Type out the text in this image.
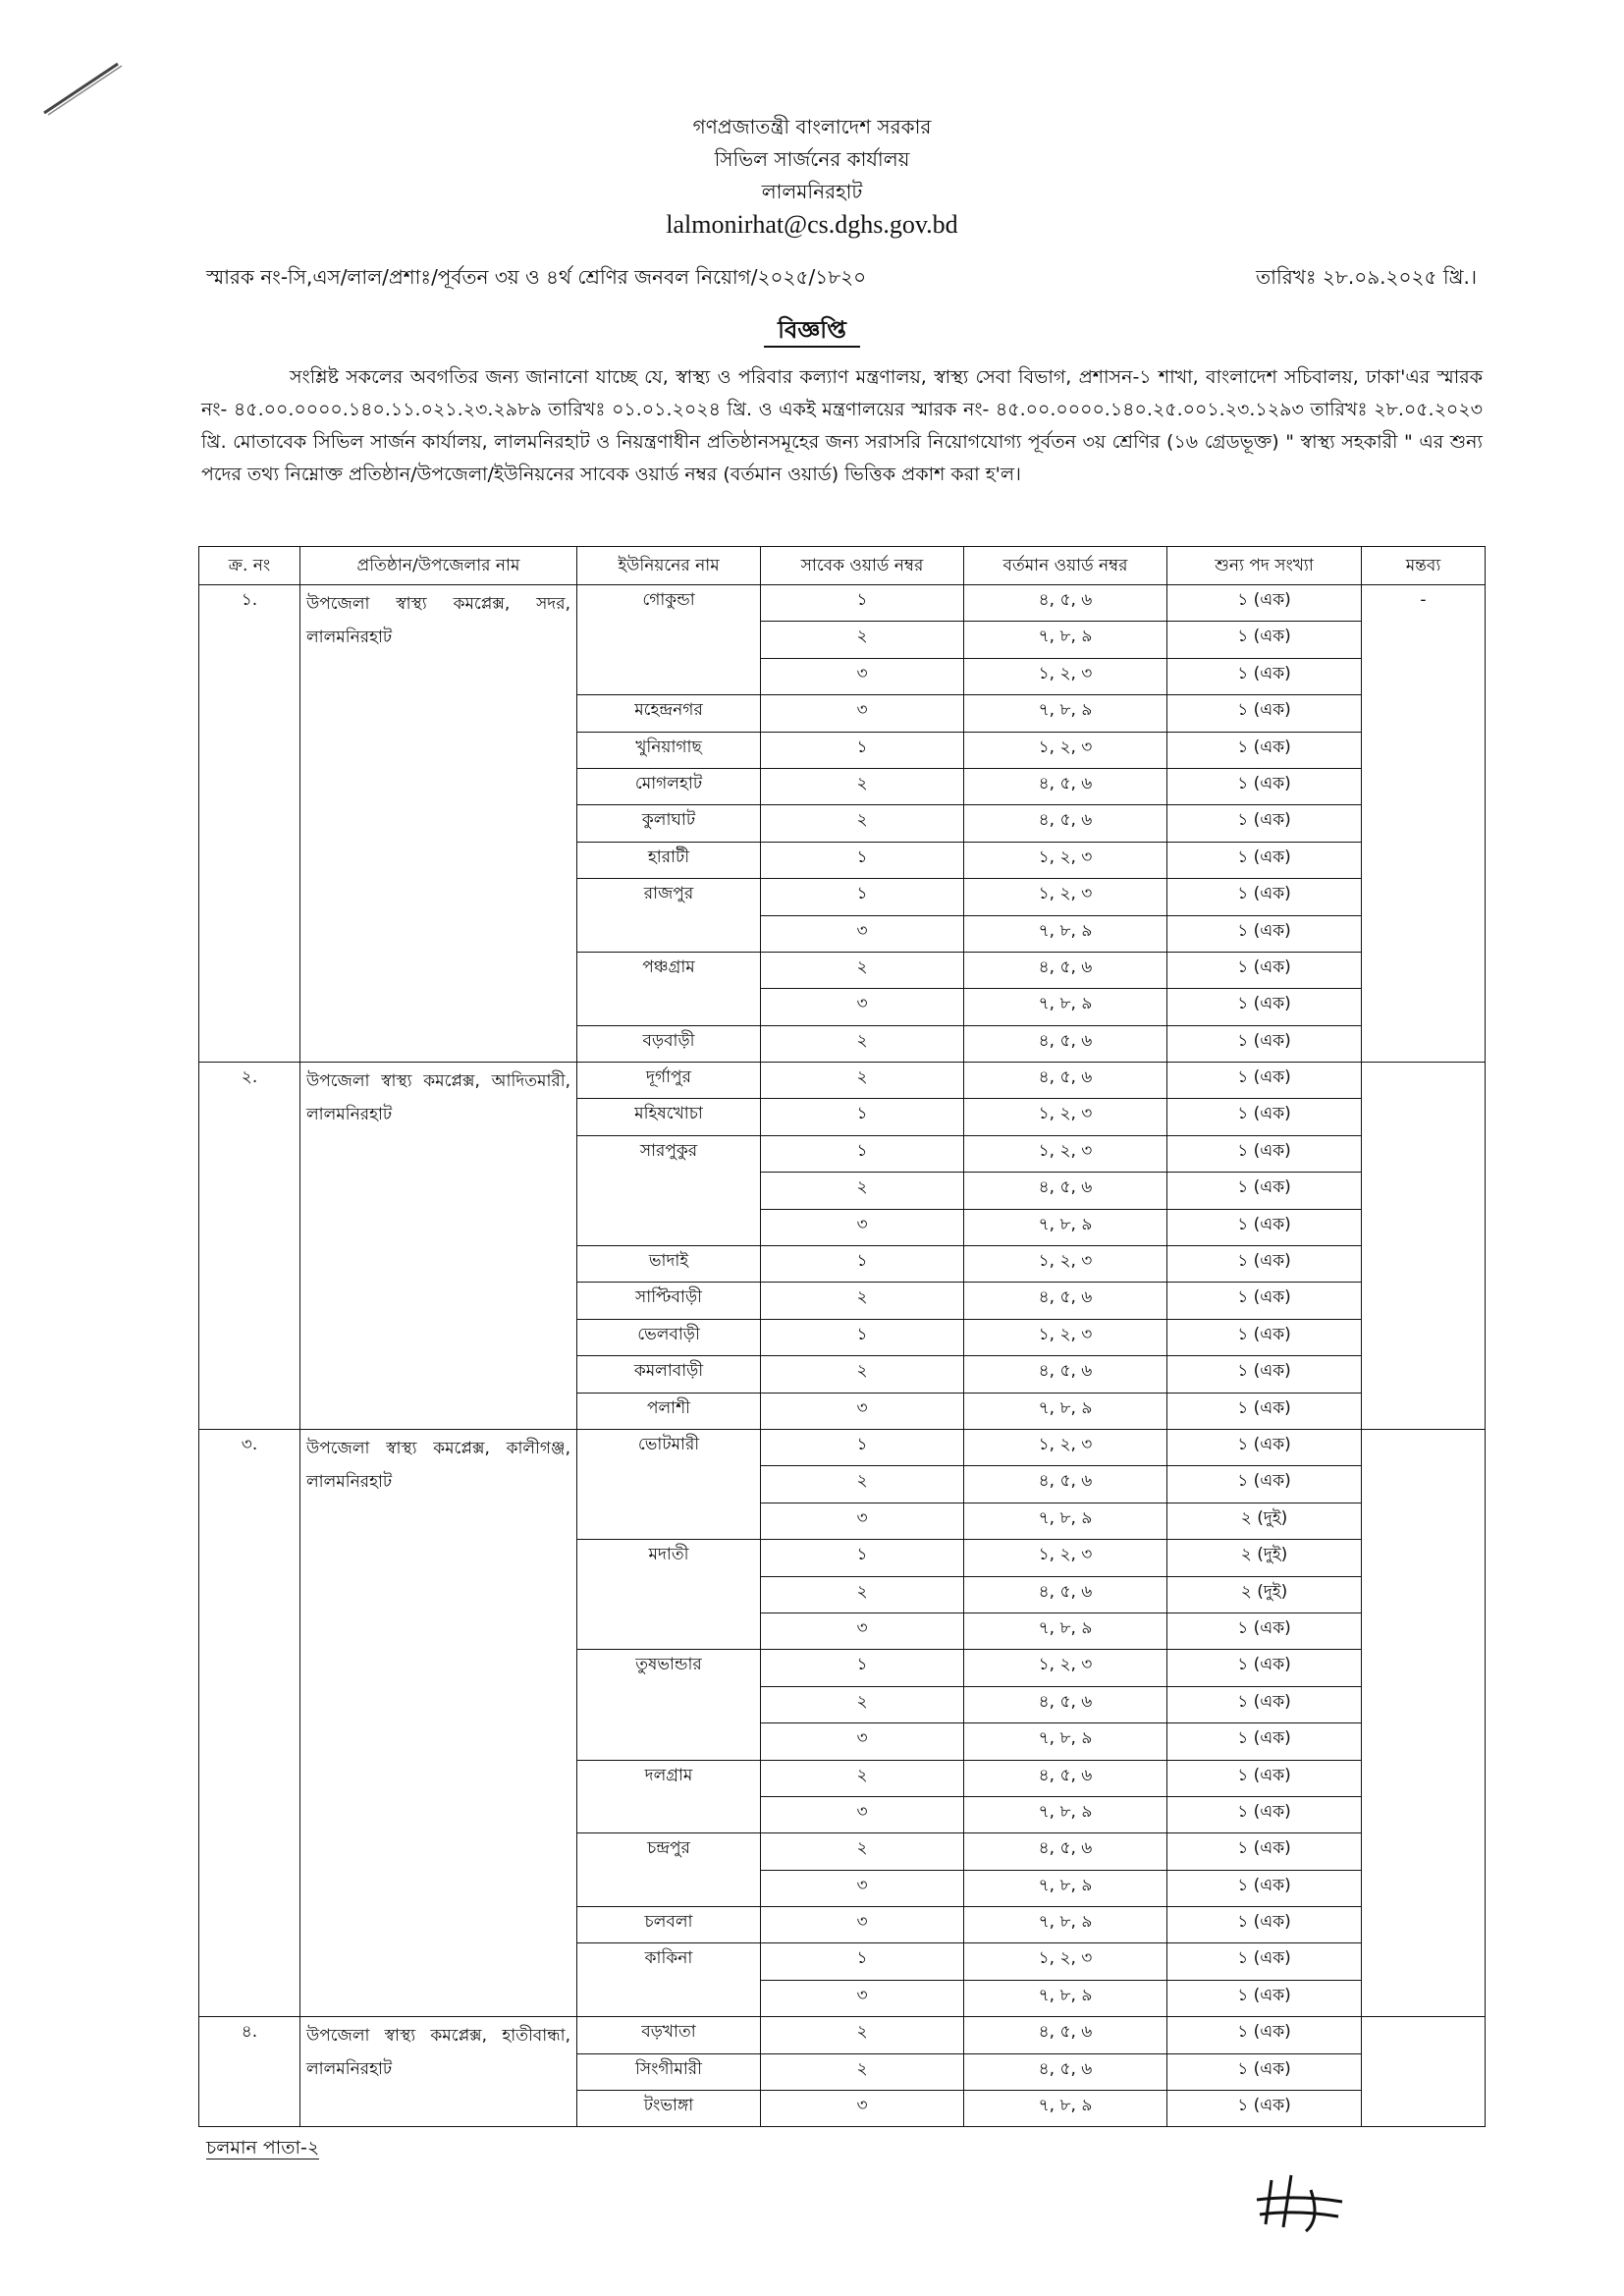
গণপ্রজাতন্ত্রী বাংলাদেশ সরকার
সিভিল সার্জনের কার্যালয়
লালমনিরহাট
lalmonirhat@cs.dghs.gov.bd
স্মারক নং-সি,এস/লাল/প্রশাঃ/পূর্বতন ৩য় ও ৪র্থ শ্রেণির জনবল নিয়োগ/২০২৫/১৮২০	তারিখঃ ২৮.০৯.২০২৫ খ্রি.।
বিজ্ঞপ্তি

সংশ্লিষ্ট সকলের অবগতির জন্য জানানো যাচ্ছে যে, স্বাস্থ্য ও পরিবার কল্যাণ মন্ত্রণালয়, স্বাস্থ্য সেবা বিভাগ, প্রশাসন-১ শাখা, বাংলাদেশ সচিবালয়, ঢাকা'এর স্মারক নং- ৪৫.০০.০০০০.১৪০.১১.০২১.২৩.২৯৮৯ তারিখঃ ০১.০১.২০২৪ খ্রি. ও একই মন্ত্রণালয়ের স্মারক নং- ৪৫.০০.০০০০.১৪০.২৫.০০১.২৩.১২৯৩ তারিখঃ ২৮.০৫.২০২৩ খ্রি. মোতাবেক সিভিল সার্জন কার্যালয়, লালমনিরহাট ও নিয়ন্ত্রণাধীন প্রতিষ্ঠানসমূহের জন্য সরাসরি নিয়োগযোগ্য পূর্বতন ৩য় শ্রেণির (১৬ গ্রেডভূক্ত) " স্বাস্থ্য সহকারী " এর শুন্য পদের তথ্য নিম্নোক্ত প্রতিষ্ঠান/উপজেলা/ইউনিয়নের সাবেক ওয়ার্ড নম্বর (বর্তমান ওয়ার্ড) ভিত্তিক প্রকাশ করা হ'ল।

ক্র. নং	প্রতিষ্ঠান/উপজেলার নাম	ইউনিয়নের নাম	সাবেক ওয়ার্ড নম্বর	বর্তমান ওয়ার্ড নম্বর	শুন্য পদ সংখ্যা	মন্তব্য
১.	উপজেলা স্বাস্থ্য কমপ্লেক্স, সদর, লালমনিরহাট	গোকুন্ডা	১	৪, ৫, ৬	১ (এক)	-
			২	৭, ৮, ৯	১ (এক)	
			৩	১, ২, ৩	১ (এক)	
		মহেন্দ্রনগর	৩	৭, ৮, ৯	১ (এক)	
		খুনিয়াগাছ	১	১, ২, ৩	১ (এক)	
		মোগলহাট	২	৪, ৫, ৬	১ (এক)	
		কুলাঘাট	২	৪, ৫, ৬	১ (এক)	
		হারাটী	১	১, ২, ৩	১ (এক)	
		রাজপুর	১	১, ২, ৩	১ (এক)	
			৩	৭, ৮, ৯	১ (এক)	
		পঞ্চগ্রাম	২	৪, ৫, ৬	১ (এক)	
			৩	৭, ৮, ৯	১ (এক)	
		বড়বাড়ী	২	৪, ৫, ৬	১ (এক)	
২.	উপজেলা স্বাস্থ্য কমপ্লেক্স, আদিতমারী, লালমনিরহাট	দূর্গাপুর	২	৪, ৫, ৬	১ (এক)	
		মহিষখোচা	১	১, ২, ৩	১ (এক)	
		সারপুকুর	১	১, ২, ৩	১ (এক)	
			২	৪, ৫, ৬	১ (এক)	
			৩	৭, ৮, ৯	১ (এক)	
		ভাদাই	১	১, ২, ৩	১ (এক)	
		সাপ্টিবাড়ী	২	৪, ৫, ৬	১ (এক)	
		ভেলবাড়ী	১	১, ২, ৩	১ (এক)	
		কমলাবাড়ী	২	৪, ৫, ৬	১ (এক)	
		পলাশী	৩	৭, ৮, ৯	১ (এক)	
৩.	উপজেলা স্বাস্থ্য কমপ্লেক্স, কালীগঞ্জ, লালমনিরহাট	ভোটমারী	১	১, ২, ৩	১ (এক)	
			২	৪, ৫, ৬	১ (এক)	
			৩	৭, ৮, ৯	২ (দুই)	
		মদাতী	১	১, ২, ৩	২ (দুই)	
			২	৪, ৫, ৬	২ (দুই)	
			৩	৭, ৮, ৯	১ (এক)	
		তুষভান্ডার	১	১, ২, ৩	১ (এক)	
			২	৪, ৫, ৬	১ (এক)	
			৩	৭, ৮, ৯	১ (এক)	
		দলগ্রাম	২	৪, ৫, ৬	১ (এক)	
			৩	৭, ৮, ৯	১ (এক)	
		চন্দ্রপুর	২	৪, ৫, ৬	১ (এক)	
			৩	৭, ৮, ৯	১ (এক)	
		চলবলা	৩	৭, ৮, ৯	১ (এক)	
		কাকিনা	১	১, ২, ৩	১ (এক)	
			৩	৭, ৮, ৯	১ (এক)	
৪.	উপজেলা স্বাস্থ্য কমপ্লেক্স, হাতীবান্ধা, লালমনিরহাট	বড়খাতা	২	৪, ৫, ৬	১ (এক)	
		সিংগীমারী	২	৪, ৫, ৬	১ (এক)	
		টংভাঙ্গা	৩	৭, ৮, ৯	১ (এক)	
চলমান পাতা-২
